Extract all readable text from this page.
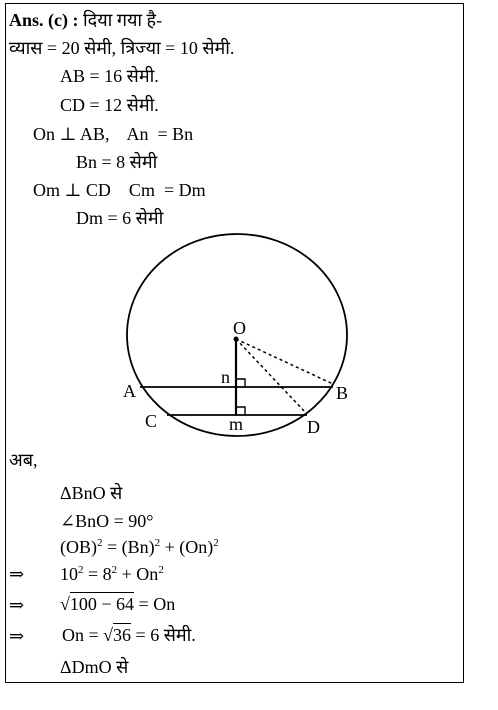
Ans. (c) : दिया गया है-
व्यास = 20 सेमी, त्रिज्या = 10 सेमी.
AB = 16 सेमी.
CD = 12 सेमी.
On ⊥ AB,    An  = Bn
Bn = 8 सेमी
Om ⊥ CD    Cm  = Dm
Dm = 6 सेमी
O
A	B
C	D
n
m
अब,
ΔBnO से
∠BnO = 90°
$(OB)^2 = (Bn)^2 + (On)^2$
⇒ $10^2 = 8^2 + On^2$
⇒ √100 − 64 = On
⇒ On = √36 = 6 सेमी.
ΔDmO से
